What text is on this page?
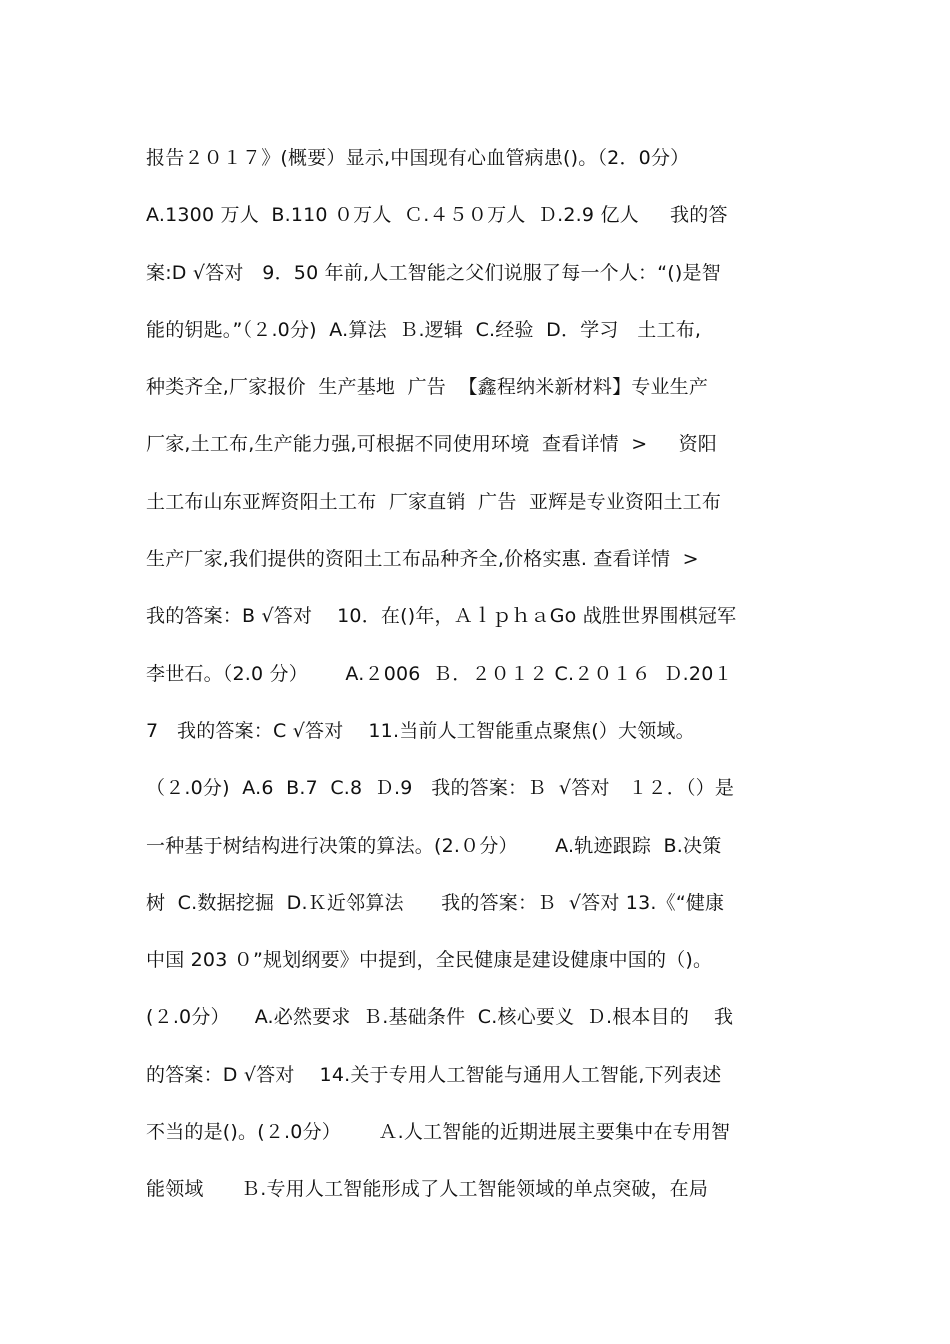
报告２０１７》(概要）显示,中国现有心血管病患()。（2．0分）
A.1300 万人  B.110 ０万人  Ｃ.４５０万人  Ｄ.2.9 亿人     我的答
案:D √答对   9．50 年前,人工智能之父们说服了每一个人：“()是智
能的钥匙。”（２.0分)  A.算法  Ｂ.逻辑  C.经验  D．学习   土工布,
种类齐全,厂家报价  生产基地  广告  【鑫程纳米新材料】专业生产
厂家,土工布,生产能力强,可根据不同使用环境  查看详情  >     资阳
土工布山东亚辉资阳土工布  厂家直销  广告  亚辉是专业资阳土工布
生产厂家,我们提供的资阳土工布品种齐全,价格实惠. 查看详情  >
我的答案：B √答对    10．在()年，ＡｌｐｈａGo 战胜世界围棋冠军
李世石。（2.0 分）      A.２006  Ｂ．２０１２ C.２０１６  Ｄ.20１
7   我的答案：C √答对    11.当前人工智能重点聚焦(）大领域。
（２.0分)  A.6  B.7  C.8  Ｄ.9   我的答案：Ｂ  √答对   １２．（）是
一种基于树结构进行决策的算法。(2.０分）      A.轨迹跟踪  B.决策
树  C.数据挖掘  D.Ｋ近邻算法      我的答案：Ｂ  √答对 13.《“健康
中国 203 ０”规划纲要》中提到，全民健康是建设健康中国的（)。
(２.0分）    A.必然要求  Ｂ.基础条件  C.核心要义  Ｄ.根本目的    我
的答案：D √答对    14.关于专用人工智能与通用人工智能,下列表述
不当的是()。(２.0分）      Ａ.人工智能的近期进展主要集中在专用智
能领域      Ｂ.专用人工智能形成了人工智能领域的单点突破，在局
